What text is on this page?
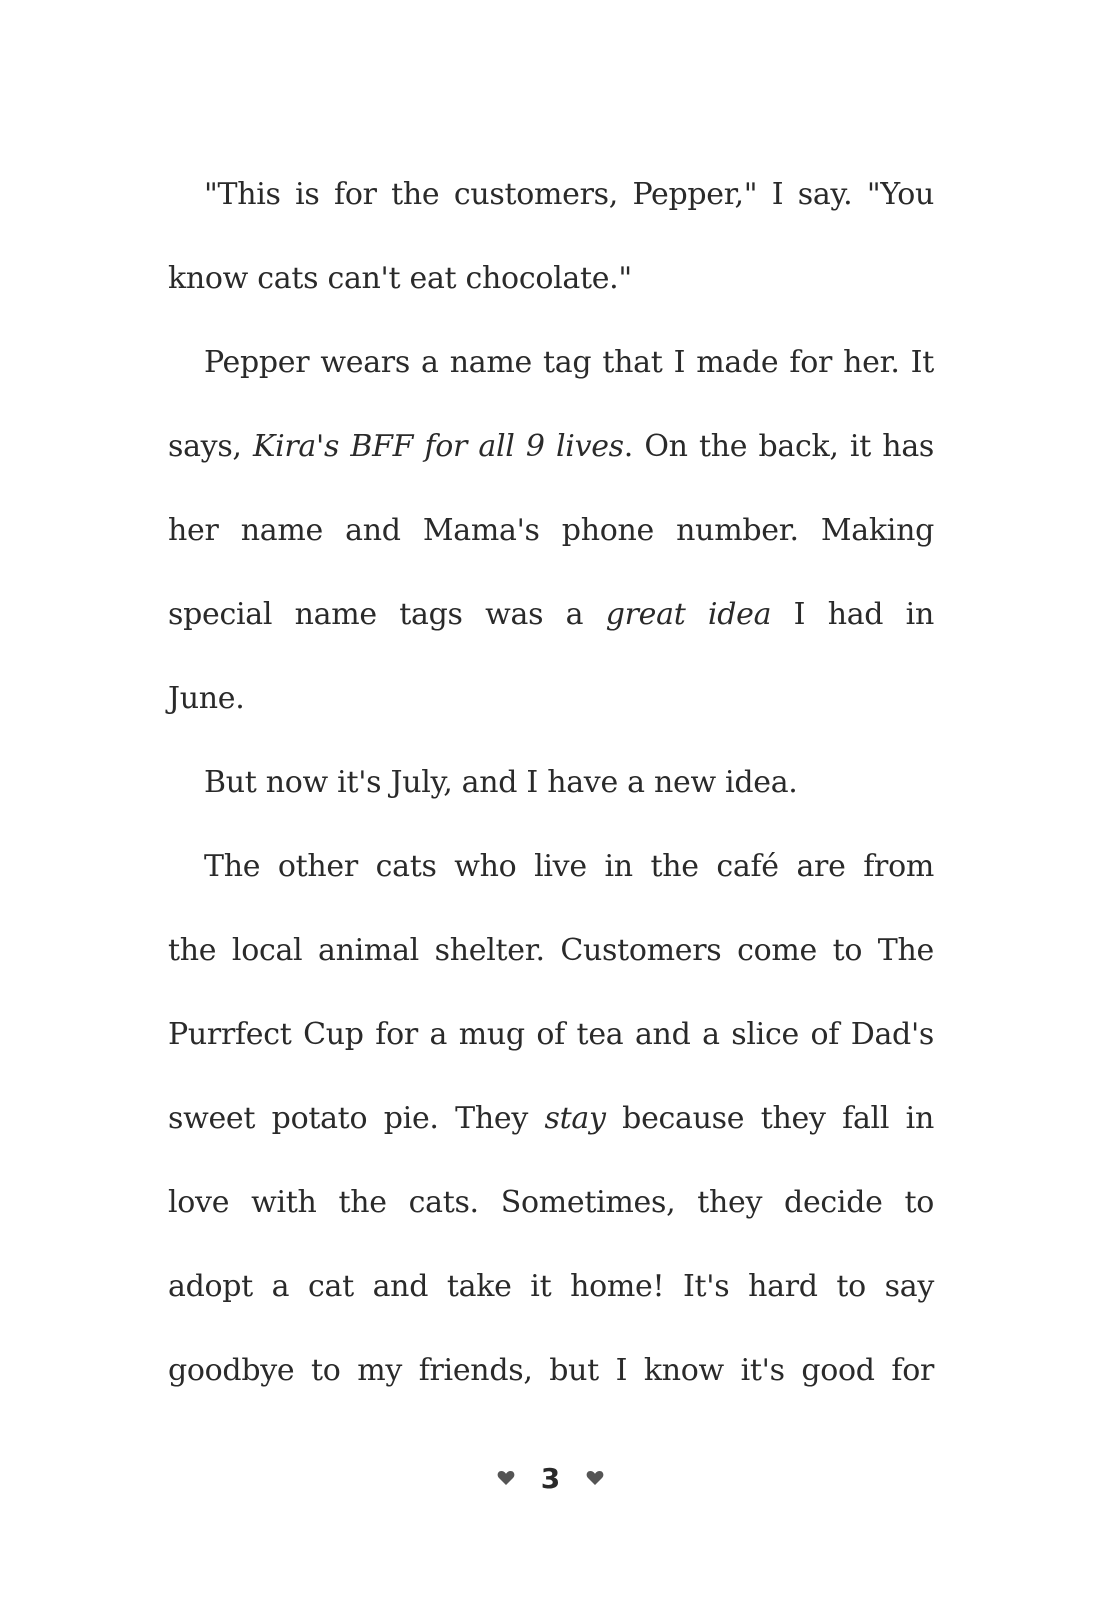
"This is for the customers, Pepper," I say. "You
know cats can't eat chocolate."
Pepper wears a name tag that I made for her. It
says, Kira's BFF for all 9 lives. On the back, it has
her name and Mama's phone number. Making
special name tags was a great idea I had in
June.
But now it's July, and I have a new idea.
The other cats who live in the café are from
the local animal shelter. Customers come to The
Purrfect Cup for a mug of tea and a slice of Dad's
sweet potato pie. They stay because they fall in
love with the cats. Sometimes, they decide to
adopt a cat and take it home! It's hard to say
goodbye to my friends, but I know it's good for
3
